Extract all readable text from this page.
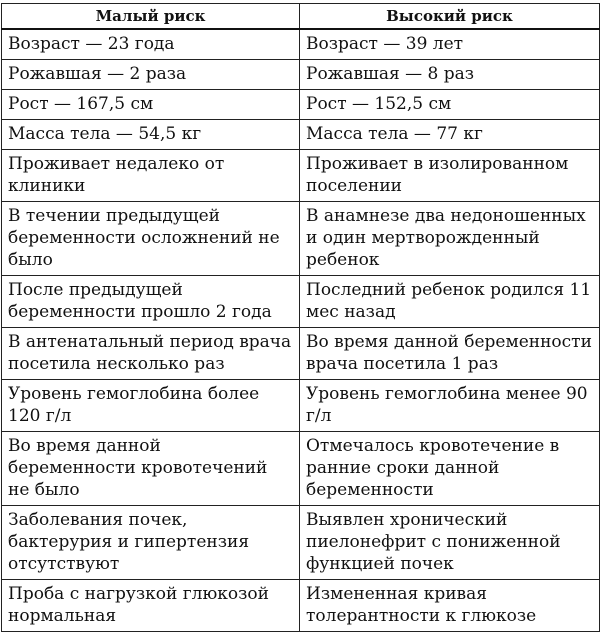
Малый риск	Высокий риск
Возраст — 23 года	Возраст — 39 лет
Рожавшая — 2 раза	Рожавшая — 8 раз
Рост — 167,5 см	Рост — 152,5 см
Масса тела — 54,5 кг	Масса тела — 77 кг
Проживает недалеко от клиники	Проживает в изолированном поселении
В течении предыдущей беременности осложнений не было	В анамнезе два недоношенных и один мертворожденный ребенок
После предыдущей беременности прошло 2 года	Последний ребенок родился 11 мес назад
В антенатальный период врача посетила несколько раз	Во время данной беременности врача посетила 1 раз
Уровень гемоглобина более 120 г/л	Уровень гемоглобина менее 90 г/л
Во время данной беременности кровотечений не было	Отмечалось кровотечение в ранние сроки данной беременности
Заболевания почек, бактерурия и гипертензия отсутствуют	Выявлен хронический пиелонефрит с пониженной функцией почек
Проба с нагрузкой глюкозой нормальная	Измененная кривая толерантности к глюкозе
